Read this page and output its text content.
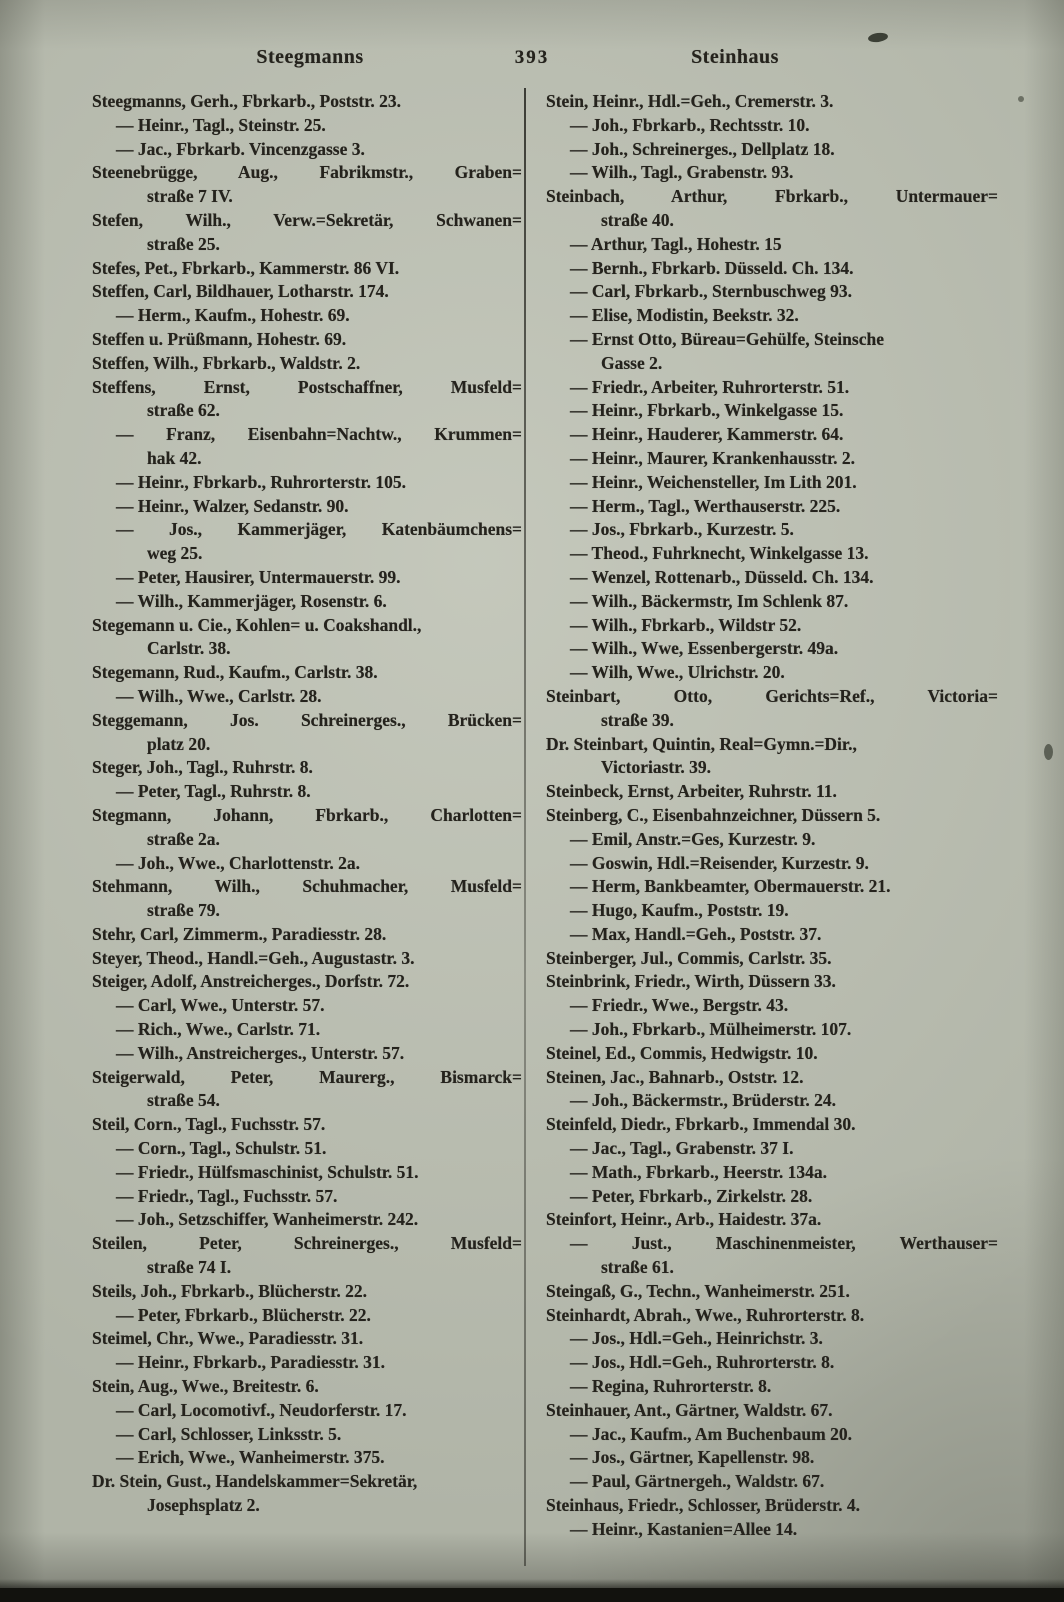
Steegmanns	393	Steinhaus

Steegmanns, Gerh., Fbrkarb., Poststr. 23.

— Heinr., Tagl., Steinstr. 25.

— Jac., Fbrkarb. Vincenzgasse 3.

Steenebrügge, Aug., Fabrikmstr., Graben=
straße 7 IV.

Stefen, Wilh., Verw.=Sekretär, Schwanen=
straße 25.

Stefes, Pet., Fbrkarb., Kammerstr. 86 VI.

Steffen, Carl, Bildhauer, Lotharstr. 174.

— Herm., Kaufm., Hohestr. 69.

Steffen u. Prüßmann, Hohestr. 69.

Steffen, Wilh., Fbrkarb., Waldstr. 2.

Steffens, Ernst, Postschaffner, Musfeld=
straße 62.

— Franz, Eisenbahn=Nachtw., Krummen=
hak 42.

— Heinr., Fbrkarb., Ruhrorterstr. 105.

— Heinr., Walzer, Sedanstr. 90.

— Jos., Kammerjäger, Katenbäumchens=
weg 25.

— Peter, Hausirer, Untermauerstr. 99.

— Wilh., Kammerjäger, Rosenstr. 6.

Stegemann u. Cie., Kohlen= u. Coakshandl.,
Carlstr. 38.

Stegemann, Rud., Kaufm., Carlstr. 38.

— Wilh., Wwe., Carlstr. 28.

Steggemann, Jos. Schreinerges., Brücken=
platz 20.

Steger, Joh., Tagl., Ruhrstr. 8.

— Peter, Tagl., Ruhrstr. 8.

Stegmann, Johann, Fbrkarb., Charlotten=
straße 2a.

— Joh., Wwe., Charlottenstr. 2a.

Stehmann, Wilh., Schuhmacher, Musfeld=
straße 79.

Stehr, Carl, Zimmerm., Paradiesstr. 28.

Steyer, Theod., Handl.=Geh., Augustastr. 3.

Steiger, Adolf, Anstreicherges., Dorfstr. 72.

— Carl, Wwe., Unterstr. 57.

— Rich., Wwe., Carlstr. 71.

— Wilh., Anstreicherges., Unterstr. 57.

Steigerwald, Peter, Maurerg., Bismarck=
straße 54.

Steil, Corn., Tagl., Fuchsstr. 57.

— Corn., Tagl., Schulstr. 51.

— Friedr., Hülfsmaschinist, Schulstr. 51.

— Friedr., Tagl., Fuchsstr. 57.

— Joh., Setzschiffer, Wanheimerstr. 242.

Steilen, Peter, Schreinerges., Musfeld=
straße 74 I.

Steils, Joh., Fbrkarb., Blücherstr. 22.

— Peter, Fbrkarb., Blücherstr. 22.

Steimel, Chr., Wwe., Paradiesstr. 31.

— Heinr., Fbrkarb., Paradiesstr. 31.

Stein, Aug., Wwe., Breitestr. 6.

— Carl, Locomotivf., Neudorferstr. 17.

— Carl, Schlosser, Linksstr. 5.

— Erich, Wwe., Wanheimerstr. 375.

Dr. Stein, Gust., Handelskammer=Sekretär,
Josephsplatz 2.

Stein, Heinr., Hdl.=Geh., Cremerstr. 3.

— Joh., Fbrkarb., Rechtsstr. 10.

— Joh., Schreinerges., Dellplatz 18.

— Wilh., Tagl., Grabenstr. 93.

Steinbach, Arthur, Fbrkarb., Untermauer=
straße 40.

— Arthur, Tagl., Hohestr. 15

— Bernh., Fbrkarb. Düsseld. Ch. 134.

— Carl, Fbrkarb., Sternbuschweg 93.

— Elise, Modistin, Beekstr. 32.

— Ernst Otto, Büreau=Gehülfe, Steinsche
Gasse 2.

— Friedr., Arbeiter, Ruhrorterstr. 51.

— Heinr., Fbrkarb., Winkelgasse 15.

— Heinr., Hauderer, Kammerstr. 64.

— Heinr., Maurer, Krankenhausstr. 2.

— Heinr., Weichensteller, Im Lith 201.

— Herm., Tagl., Werthauserstr. 225.

— Jos., Fbrkarb., Kurzestr. 5.

— Theod., Fuhrknecht, Winkelgasse 13.

— Wenzel, Rottenarb., Düsseld. Ch. 134.

— Wilh., Bäckermstr, Im Schlenk 87.

— Wilh., Fbrkarb., Wildstr 52.

— Wilh., Wwe, Essenbergerstr. 49a.

— Wilh, Wwe., Ulrichstr. 20.

Steinbart, Otto, Gerichts=Ref., Victoria=
straße 39.

Dr. Steinbart, Quintin, Real=Gymn.=Dir.,
Victoriastr. 39.

Steinbeck, Ernst, Arbeiter, Ruhrstr. 11.

Steinberg, C., Eisenbahnzeichner, Düssern 5.

— Emil, Anstr.=Ges, Kurzestr. 9.

— Goswin, Hdl.=Reisender, Kurzestr. 9.

— Herm, Bankbeamter, Obermauerstr. 21.

— Hugo, Kaufm., Poststr. 19.

— Max, Handl.=Geh., Poststr. 37.

Steinberger, Jul., Commis, Carlstr. 35.

Steinbrink, Friedr., Wirth, Düssern 33.

— Friedr., Wwe., Bergstr. 43.

— Joh., Fbrkarb., Mülheimerstr. 107.

Steinel, Ed., Commis, Hedwigstr. 10.

Steinen, Jac., Bahnarb., Oststr. 12.

— Joh., Bäckermstr., Brüderstr. 24.

Steinfeld, Diedr., Fbrkarb., Immendal 30.

— Jac., Tagl., Grabenstr. 37 I.

— Math., Fbrkarb., Heerstr. 134a.

— Peter, Fbrkarb., Zirkelstr. 28.

Steinfort, Heinr., Arb., Haidestr. 37a.

— Just., Maschinenmeister, Werthauser=
straße 61.

Steingaß, G., Techn., Wanheimerstr. 251.

Steinhardt, Abrah., Wwe., Ruhrorterstr. 8.

— Jos., Hdl.=Geh., Heinrichstr. 3.

— Jos., Hdl.=Geh., Ruhrorterstr. 8.

— Regina, Ruhrorterstr. 8.

Steinhauer, Ant., Gärtner, Waldstr. 67.

— Jac., Kaufm., Am Buchenbaum 20.

— Jos., Gärtner, Kapellenstr. 98.

— Paul, Gärtnergeh., Waldstr. 67.

Steinhaus, Friedr., Schlosser, Brüderstr. 4.

— Heinr., Kastanien=Allee 14.
